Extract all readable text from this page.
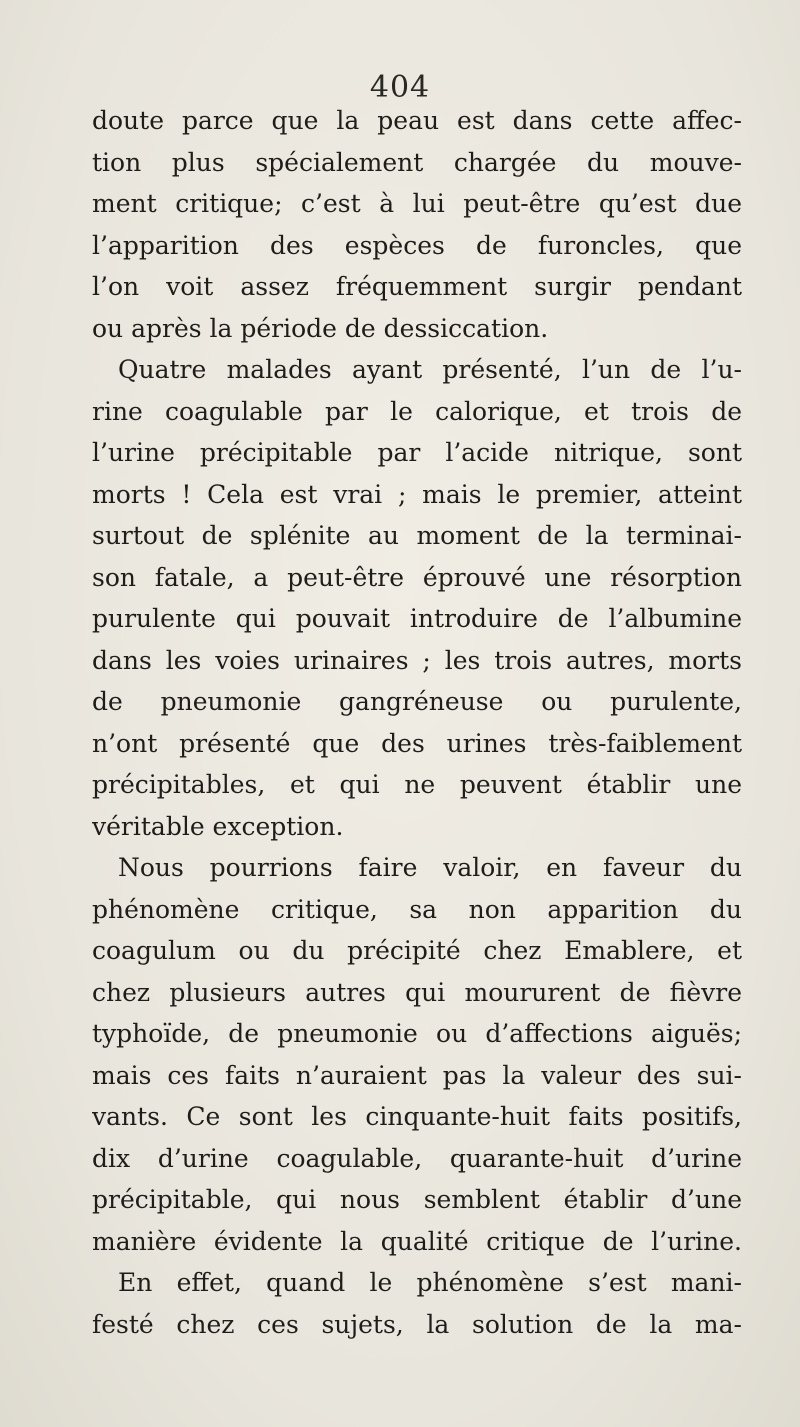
404
doute parce que la peau est dans cette affec-
tion plus spécialement chargée du mouve-
ment critique; c’est à lui peut-être qu’est due
l’apparition des espèces de furoncles, que
l’on voit assez fréquemment surgir pendant
ou après la période de dessiccation.
Quatre malades ayant présenté, l’un de l’u-
rine coagulable par le calorique, et trois de
l’urine précipitable par l’acide nitrique, sont
morts ! Cela est vrai ; mais le premier, atteint
surtout de splénite au moment de la terminai-
son fatale, a peut-être éprouvé une résorption
purulente qui pouvait introduire de l’albumine
dans les voies urinaires ; les trois autres, morts
de pneumonie gangréneuse ou purulente,
n’ont présenté que des urines très-faiblement
précipitables, et qui ne peuvent établir une
véritable exception.
Nous pourrions faire valoir, en faveur du
phénomène critique, sa non apparition du
coagulum ou du précipité chez Emablere, et
chez plusieurs autres qui moururent de fièvre
typhoïde, de pneumonie ou d’affections aiguës;
mais ces faits n’auraient pas la valeur des sui-
vants. Ce sont les cinquante-huit faits positifs,
dix d’urine coagulable, quarante-huit d’urine
précipitable, qui nous semblent établir d’une
manière évidente la qualité critique de l’urine.
En effet, quand le phénomène s’est mani-
festé chez ces sujets, la solution de la ma-
